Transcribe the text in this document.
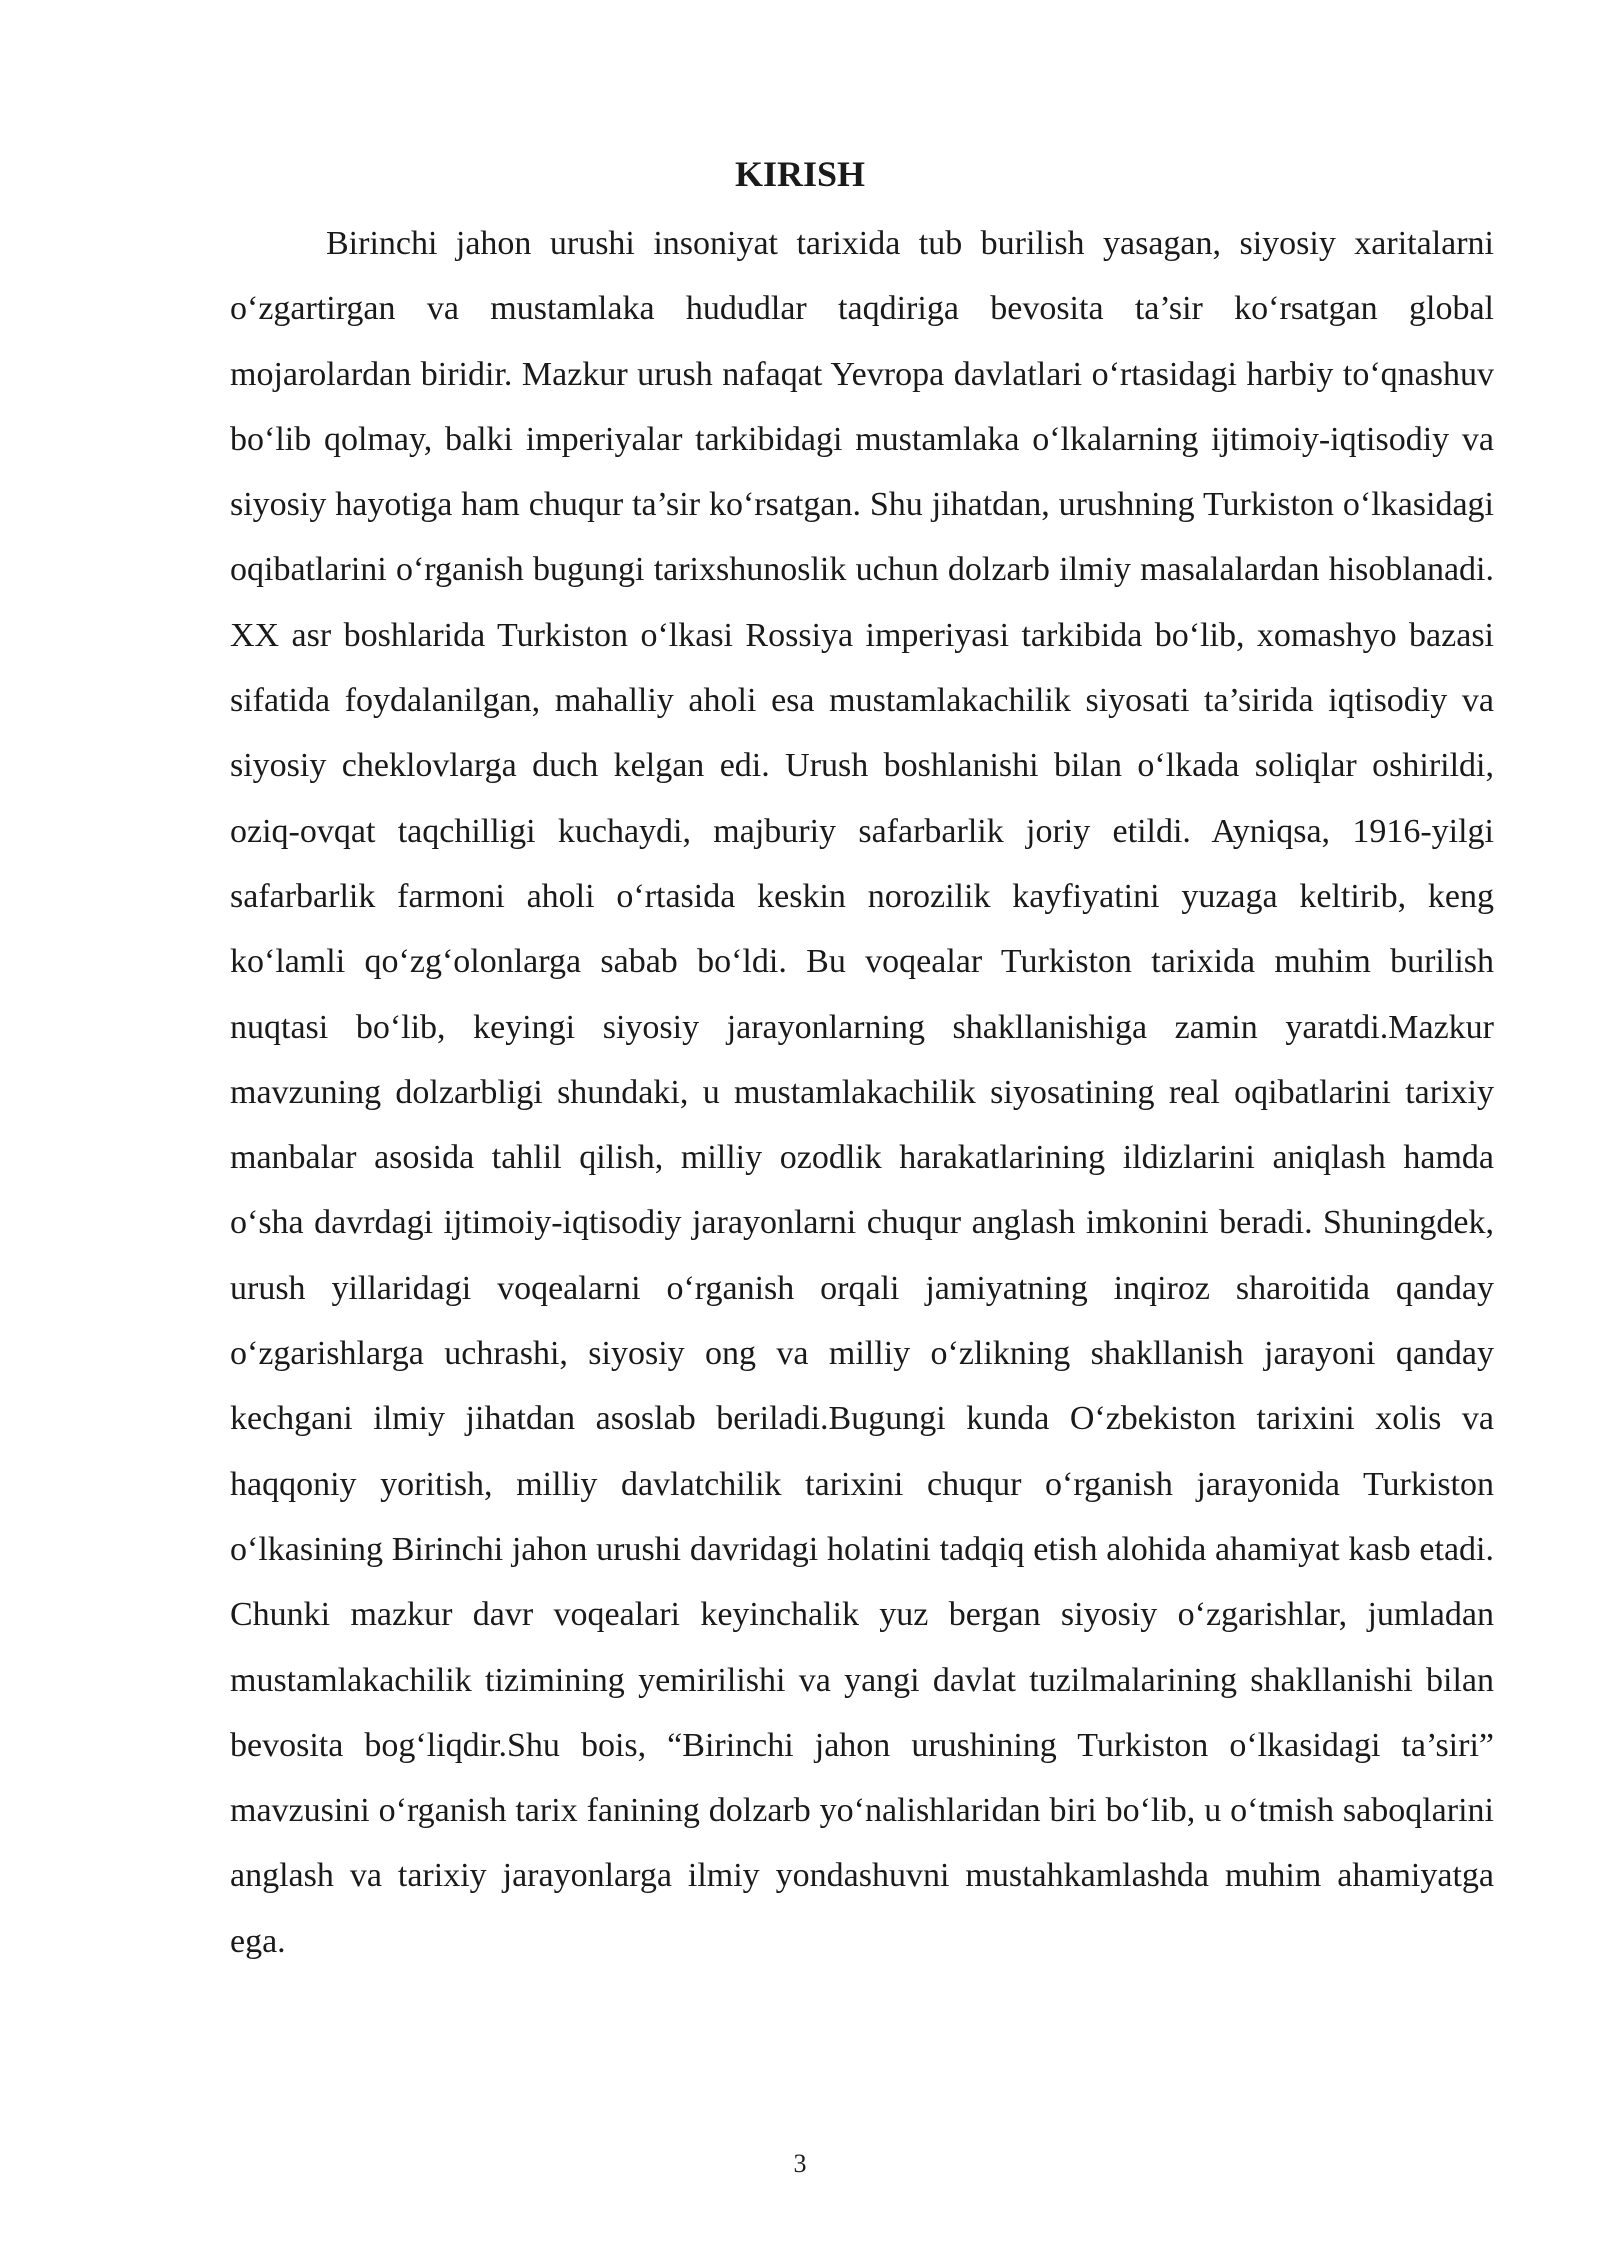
KIRISH

Birinchi jahon urushi insoniyat tarixida tub burilish yasagan, siyosiy xaritalarni o‘zgartirgan va mustamlaka hududlar taqdiriga bevosita ta’sir ko‘rsatgan global mojarolardan biridir. Mazkur urush nafaqat Yevropa davlatlari o‘rtasidagi harbiy to‘qnashuv bo‘lib qolmay, balki imperiyalar tarkibidagi mustamlaka o‘lkalarning ijtimoiy-iqtisodiy va siyosiy hayotiga ham chuqur ta’sir ko‘rsatgan. Shu jihatdan, urushning Turkiston o‘lkasidagi oqibatlarini o‘rganish bugungi tarixshunoslik uchun dolzarb ilmiy masalalardan hisoblanadi. XX asr boshlarida Turkiston o‘lkasi Rossiya imperiyasi tarkibida bo‘lib, xomashyo bazasi sifatida foydalanilgan, mahalliy aholi esa mustamlakachilik siyosati ta’sirida iqtisodiy va siyosiy cheklovlarga duch kelgan edi. Urush boshlanishi bilan o‘lkada soliqlar oshirildi, oziq-ovqat taqchilligi kuchaydi, majburiy safarbarlik joriy etildi. Ayniqsa, 1916-yilgi safarbarlik farmoni aholi o‘rtasida keskin norozilik kayfiyatini yuzaga keltirib, keng ko‘lamli qo‘zg‘olonlarga sabab bo‘ldi. Bu voqealar Turkiston tarixida muhim burilish nuqtasi bo‘lib, keyingi siyosiy jarayonlarning shakllanishiga zamin yaratdi.Mazkur mavzuning dolzarbligi shundaki, u mustamlakachilik siyosatining real oqibatlarini tarixiy manbalar asosida tahlil qilish, milliy ozodlik harakatlarining ildizlarini aniqlash hamda o‘sha davrdagi ijtimoiy-iqtisodiy jarayonlarni chuqur anglash imkonini beradi. Shuningdek, urush yillaridagi voqealarni o‘rganish orqali jamiyatning inqiroz sharoitida qanday o‘zgarishlarga uchrashi, siyosiy ong va milliy o‘zlikning shakllanish jarayoni qanday kechgani ilmiy jihatdan asoslab beriladi.Bugungi kunda O‘zbekiston tarixini xolis va haqqoniy yoritish, milliy davlatchilik tarixini chuqur o‘rganish jarayonida Turkiston o‘lkasining Birinchi jahon urushi davridagi holatini tadqiq etish alohida ahamiyat kasb etadi. Chunki mazkur davr voqealari keyinchalik yuz bergan siyosiy o‘zgarishlar, jumladan mustamlakachilik tizimining yemirilishi va yangi davlat tuzilmalarining shakllanishi bilan bevosita bog‘liqdir.Shu bois, “Birinchi jahon urushining Turkiston o‘lkasidagi ta’siri” mavzusini o‘rganish tarix fanining dolzarb yo‘nalishlaridan biri bo‘lib, u o‘tmish saboqlarini anglash va tarixiy jarayonlarga ilmiy yondashuvni mustahkamlashda muhim ahamiyatga ega.

3
